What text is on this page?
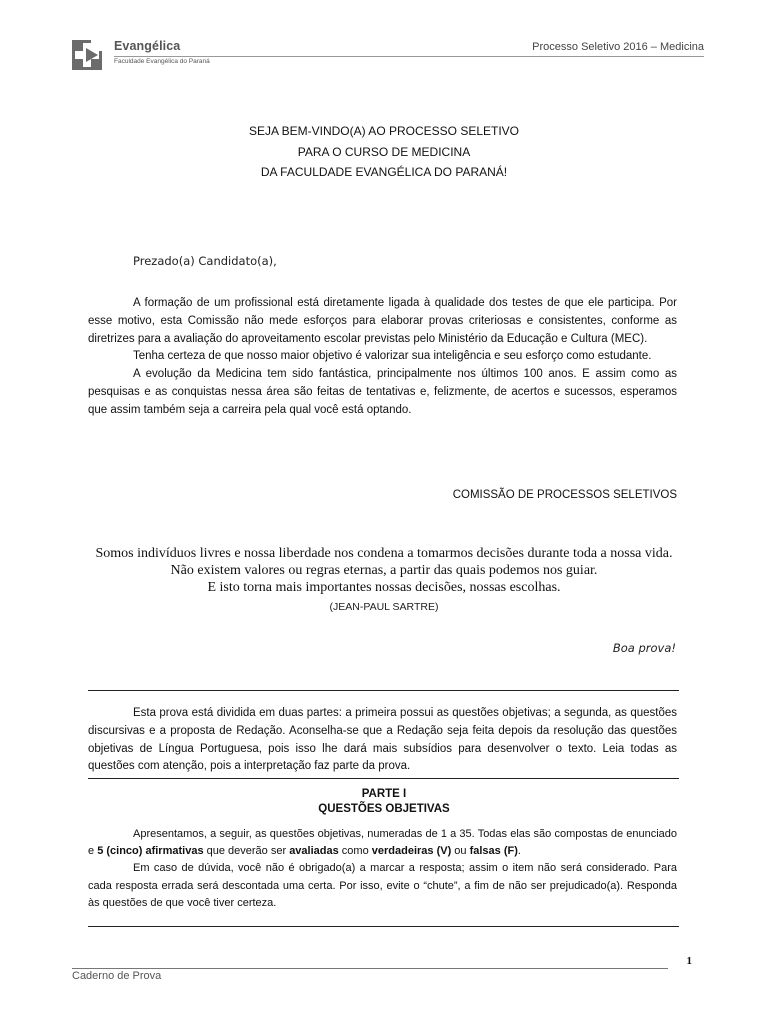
Evangélica
Faculdade Evangélica do Paraná
Processo Seletivo 2016 – Medicina
SEJA BEM-VINDO(A) AO PROCESSO SELETIVO
PARA O CURSO DE MEDICINA
DA FACULDADE EVANGÉLICA DO PARANÁ!
Prezado(a) Candidato(a),

A formação de um profissional está diretamente ligada à qualidade dos testes de que ele participa. Por esse motivo, esta Comissão não mede esforços para elaborar provas criteriosas e consistentes, conforme as diretrizes para a avaliação do aproveitamento escolar previstas pelo Ministério da Educação e Cultura (MEC).

Tenha certeza de que nosso maior objetivo é valorizar sua inteligência e seu esforço como estudante.

A evolução da Medicina tem sido fantástica, principalmente nos últimos 100 anos. E assim como as pesquisas e as conquistas nessa área são feitas de tentativas e, felizmente, de acertos e sucessos, esperamos que assim também seja a carreira pela qual você está optando.

COMISSÃO DE PROCESSOS SELETIVOS
Somos indivíduos livres e nossa liberdade nos condena a tomarmos decisões durante toda a nossa vida.
Não existem valores ou regras eternas, a partir das quais podemos nos guiar.
E isto torna mais importantes nossas decisões, nossas escolhas.
(JEAN-PAUL SARTRE)
Boa prova!

Esta prova está dividida em duas partes: a primeira possui as questões objetivas; a segunda, as questões discursivas e a proposta de Redação. Aconselha-se que a Redação seja feita depois da resolução das questões objetivas de Língua Portuguesa, pois isso lhe dará mais subsídios para desenvolver o texto. Leia todas as questões com atenção, pois a interpretação faz parte da prova.

PARTE I
QUESTÕES OBJETIVAS

Apresentamos, a seguir, as questões objetivas, numeradas de 1 a 35. Todas elas são compostas de enunciado e 5 (cinco) afirmativas que deverão ser avaliadas como verdadeiras (V) ou falsas (F).

Em caso de dúvida, você não é obrigado(a) a marcar a resposta; assim o item não será considerado. Para cada resposta errada será descontada uma certa. Por isso, evite o “chute”, a fim de não ser prejudicado(a). Responda às questões de que você tiver certeza.

1
Caderno de Prova
